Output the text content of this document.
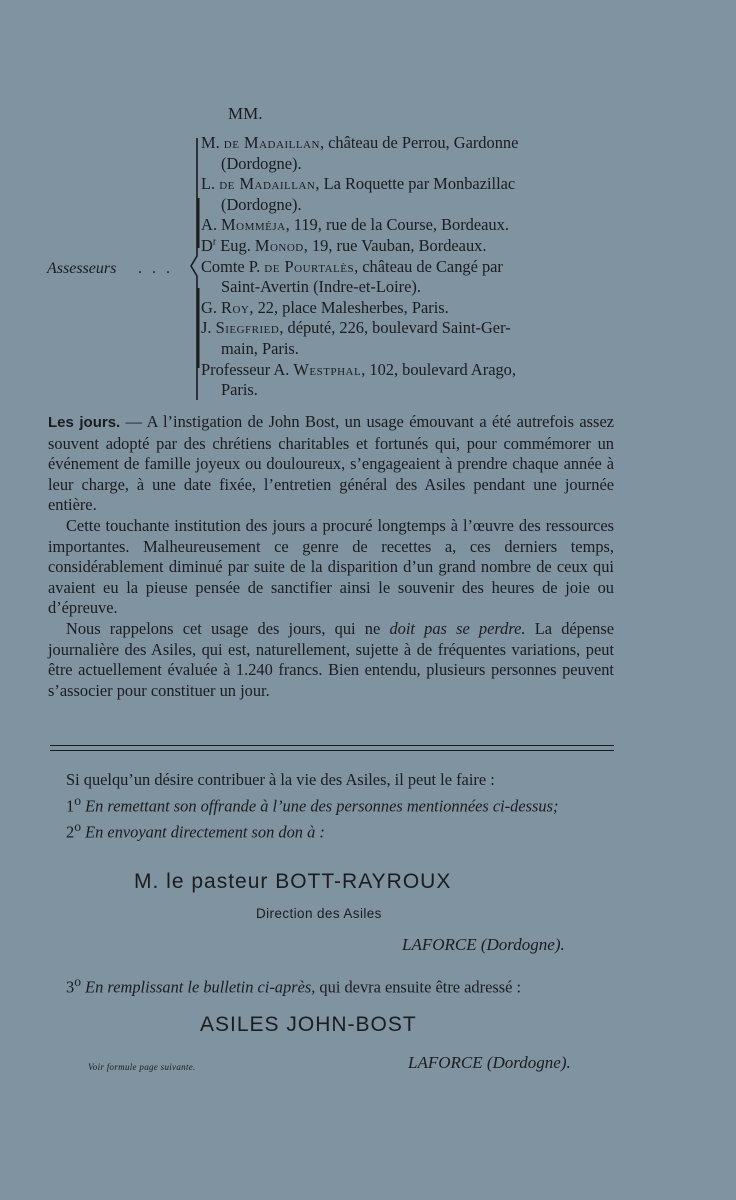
MM.
Assesseurs . . .
M. de Madaillan, château de Perrou, Gardonne
(Dordogne).
L. de Madaillan, La Roquette par Monbazillac
(Dordogne).
A. Momméja, 119, rue de la Course, Bordeaux.
$D^r$ Eug. Monod, 19, rue Vauban, Bordeaux.
Comte P. de Pourtalès, château de Cangé par
Saint-Avertin (Indre-et-Loire).
G. Roy, 22, place Malesherbes, Paris.
J. Siegfried, député, 226, boulevard Saint-Ger-
main, Paris.
Professeur A. Westphal, 102, boulevard Arago,
Paris.

Les jours. — A l’instigation de John Bost, un usage émouvant a été autrefois assez souvent adopté par des chrétiens charitables et fortunés qui, pour commémorer un événement de famille joyeux ou douloureux, s’engageaient à prendre chaque année à leur charge, à une date fixée, l’entretien général des Asiles pendant une journée entière.

Cette touchante institution des jours a procuré longtemps à l’œuvre des ressources importantes. Malheureusement ce genre de recettes a, ces derniers temps, considérablement diminué par suite de la disparition d’un grand nombre de ceux qui avaient eu la pieuse pensée de sanctifier ainsi le souvenir des heures de joie ou d’épreuve.

Nous rappelons cet usage des jours, qui ne doit pas se perdre. La dépense journalière des Asiles, qui est, naturellement, sujette à de fréquentes variations, peut être actuellement évaluée à 1.240 francs. Bien entendu, plusieurs personnes peuvent s’associer pour constituer un jour.

Si quelqu’un désire contribuer à la vie des Asiles, il peut le faire :

1$^o$ En remettant son offrande à l’une des personnes mentionnées ci-dessus;

2$^o$ En envoyant directement son don à :

M. le pasteur BOTT-RAYROUX
Direction des Asiles
LAFORCE (Dordogne).

3$^o$ En remplissant le bulletin ci-après, qui devra ensuite être adressé :

ASILES JOHN-BOST
Voir formule page suivante.	LAFORCE (Dordogne).
